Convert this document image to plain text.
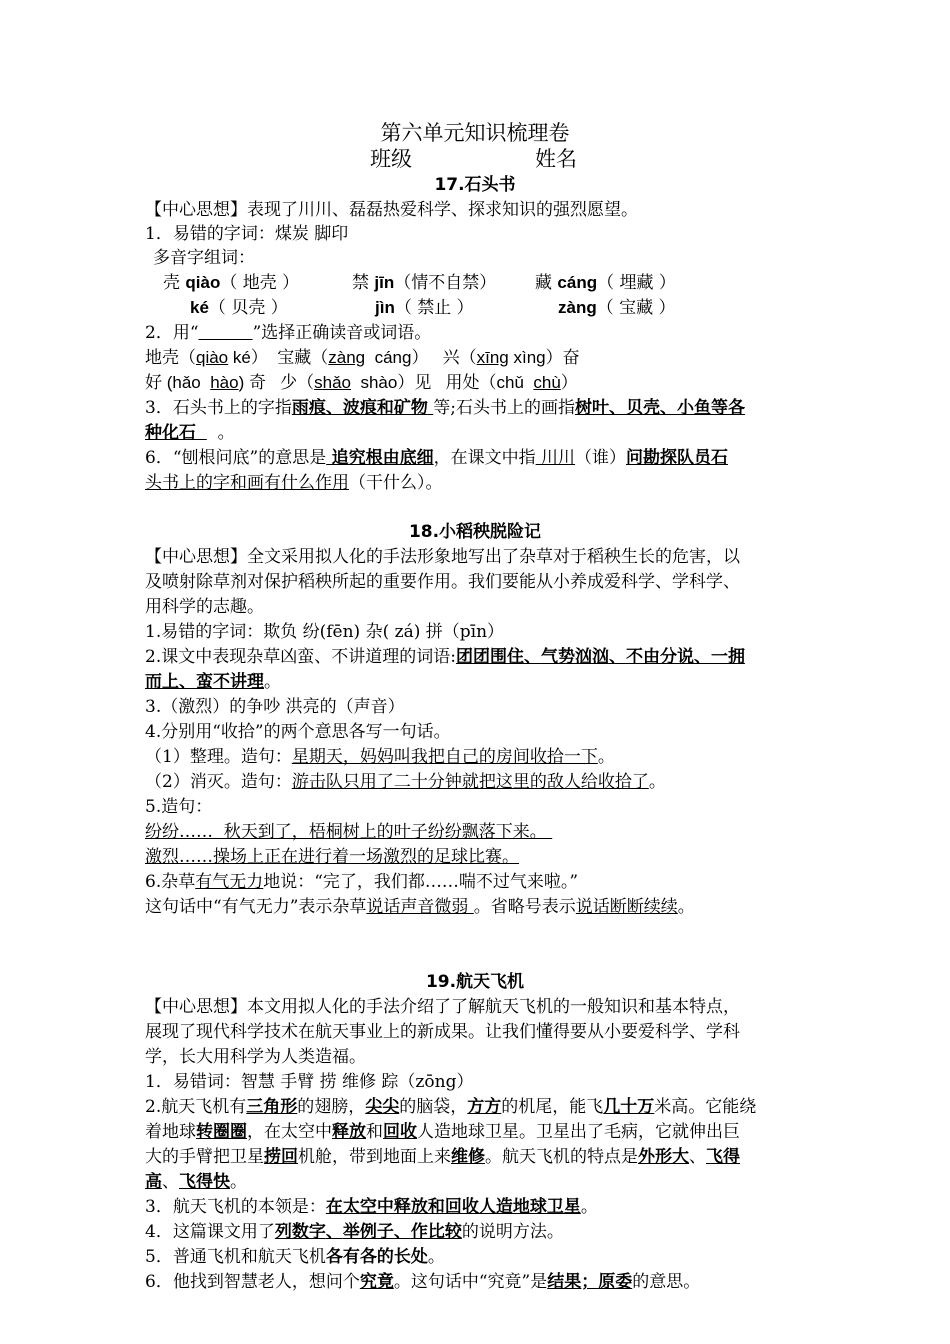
第六单元知识梳理卷
班级	姓名
17.石头书
【中心思想】表现了川川、磊磊热爱科学、探求知识的强烈愿望。
1．易错的字词：煤炭 脚印
多音字组词：
壳 qiào（ 地壳 ）	禁 jīn（情不自禁） 藏 cáng（ 埋藏 ）
ké（ 贝壳 ）	jìn（ 禁止 ）	zàng（ 宝藏 ）
2．用“	”选择正确读音或词语。
地壳（qiào ké）  宝藏（zàng  cáng）   兴（xīng xìng）奋
好 (hǎo  hào) 奇   少（shǎo  shào）见   用处（chǔ  chù）
3．石头书上的字指雨痕、波痕和矿物 等;石头书上的画指树叶、贝壳、小鱼等各
种化石    。
6．“刨根问底”的意思是 追究根由底细，在课文中指 川川（谁）问勘探队员石
头书上的字和画有什么作用（干什么）。
18.小稻秧脱险记
【中心思想】全文采用拟人化的手法形象地写出了杂草对于稻秧生长的危害，以
及喷射除草剂对保护稻秧所起的重要作用。我们要能从小养成爱科学、学科学、
用科学的志趣。
1.易错的字词：欺负 纷(fēn) 杂( zá) 拼（pīn）
2.课文中表现杂草凶蛮、不讲道理的词语:团团围住、气势汹汹、不由分说、一拥
而上、蛮不讲理。
3.（激烈）的争吵 洪亮的（声音）
4.分别用“收拾”的两个意思各写一句话。
（1）整理。造句：星期天，妈妈叫我把自己的房间收拾一下。
（2）消灭。造句：游击队只用了二十分钟就把这里的敌人给收拾了。
5.造句：
纷纷……  秋天到了，梧桐树上的叶子纷纷飘落下来。
激烈……操场上正在进行着一场激烈的足球比赛。
6.杂草有气无力地说：“完了，我们都……喘不过气来啦。”
这句话中“有气无力”表示杂草说话声音微弱 。省略号表示说话断断续续。
19.航天飞机
【中心思想】本文用拟人化的手法介绍了了解航天飞机的一般知识和基本特点，
展现了现代科学技术在航天事业上的新成果。让我们懂得要从小要爱科学、学科
学，长大用科学为人类造福。
1．易错词：智慧 手臂 捞 维修 踪（zōng）
2.航天飞机有三角形的翅膀，尖尖的脑袋，方方的机尾，能飞几十万米高。它能绕
着地球转圈圈，在太空中释放和回收人造地球卫星。卫星出了毛病，它就伸出巨
大的手臂把卫星捞回机舱，带到地面上来维修。航天飞机的特点是外形大、飞得
高、飞得快。
3．航天飞机的本领是：在太空中释放和回收人造地球卫星。
4．这篇课文用了列数字、举例子、作比较的说明方法。
5．普通飞机和航天飞机各有各的长处。
6．他找到智慧老人，想问个究竟。这句话中“究竟”是结果；原委的意思。
